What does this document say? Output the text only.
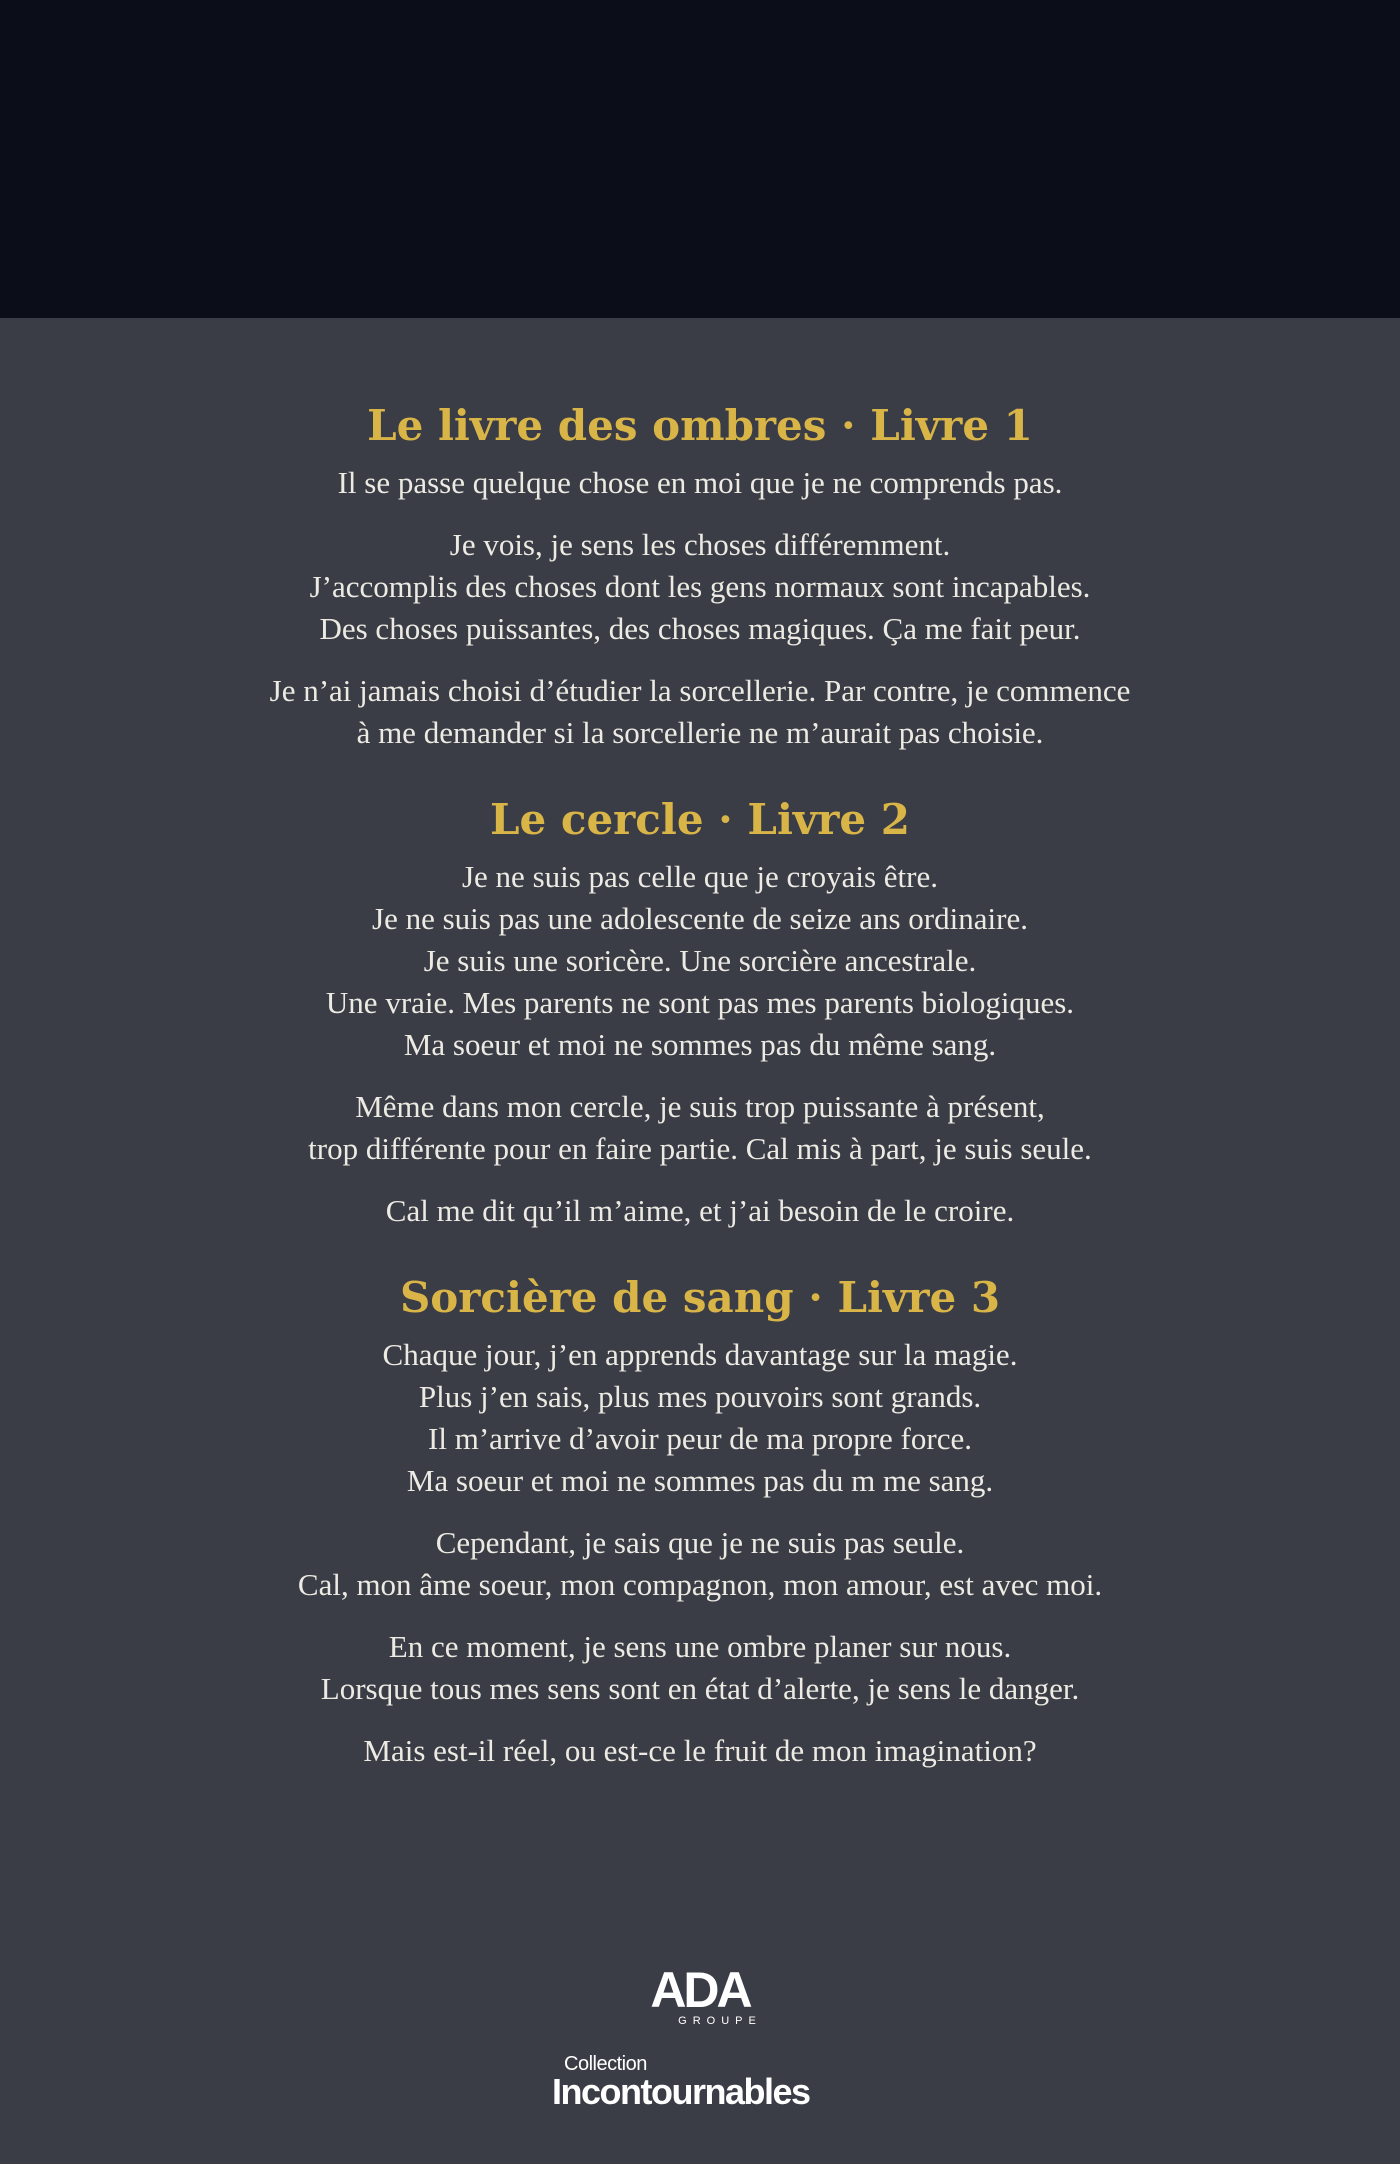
Le livre des ombres · Livre 1

Il se passe quelque chose en moi que je ne comprends pas.

Je vois, je sens les choses différemment.
J’accomplis des choses dont les gens normaux sont incapables.
Des choses puissantes, des choses magiques. Ça me fait peur.

Je n’ai jamais choisi d’étudier la sorcellerie. Par contre, je commence
à me demander si la sorcellerie ne m’aurait pas choisie.

Le cercle · Livre 2

Je ne suis pas celle que je croyais être.
Je ne suis pas une adolescente de seize ans ordinaire.
Je suis une soricère. Une sorcière ancestrale.
Une vraie. Mes parents ne sont pas mes parents biologiques.
Ma soeur et moi ne sommes pas du même sang.

Même dans mon cercle, je suis trop puissante à présent,
trop différente pour en faire partie. Cal mis à part, je suis seule.

Cal me dit qu’il m’aime, et j’ai besoin de le croire.

Sorcière de sang · Livre 3

Chaque jour, j’en apprends davantage sur la magie.
Plus j’en sais, plus mes pouvoirs sont grands.
Il m’arrive d’avoir peur de ma propre force.
Ma soeur et moi ne sommes pas du m me sang.

Cependant, je sais que je ne suis pas seule.
Cal, mon âme soeur, mon compagnon, mon amour, est avec moi.

En ce moment, je sens une ombre planer sur nous.
Lorsque tous mes sens sont en état d’alerte, je sens le danger.

Mais est-il réel, ou est-ce le fruit de mon imagination?

ADA
GROUPE
Collection
Incontournables
